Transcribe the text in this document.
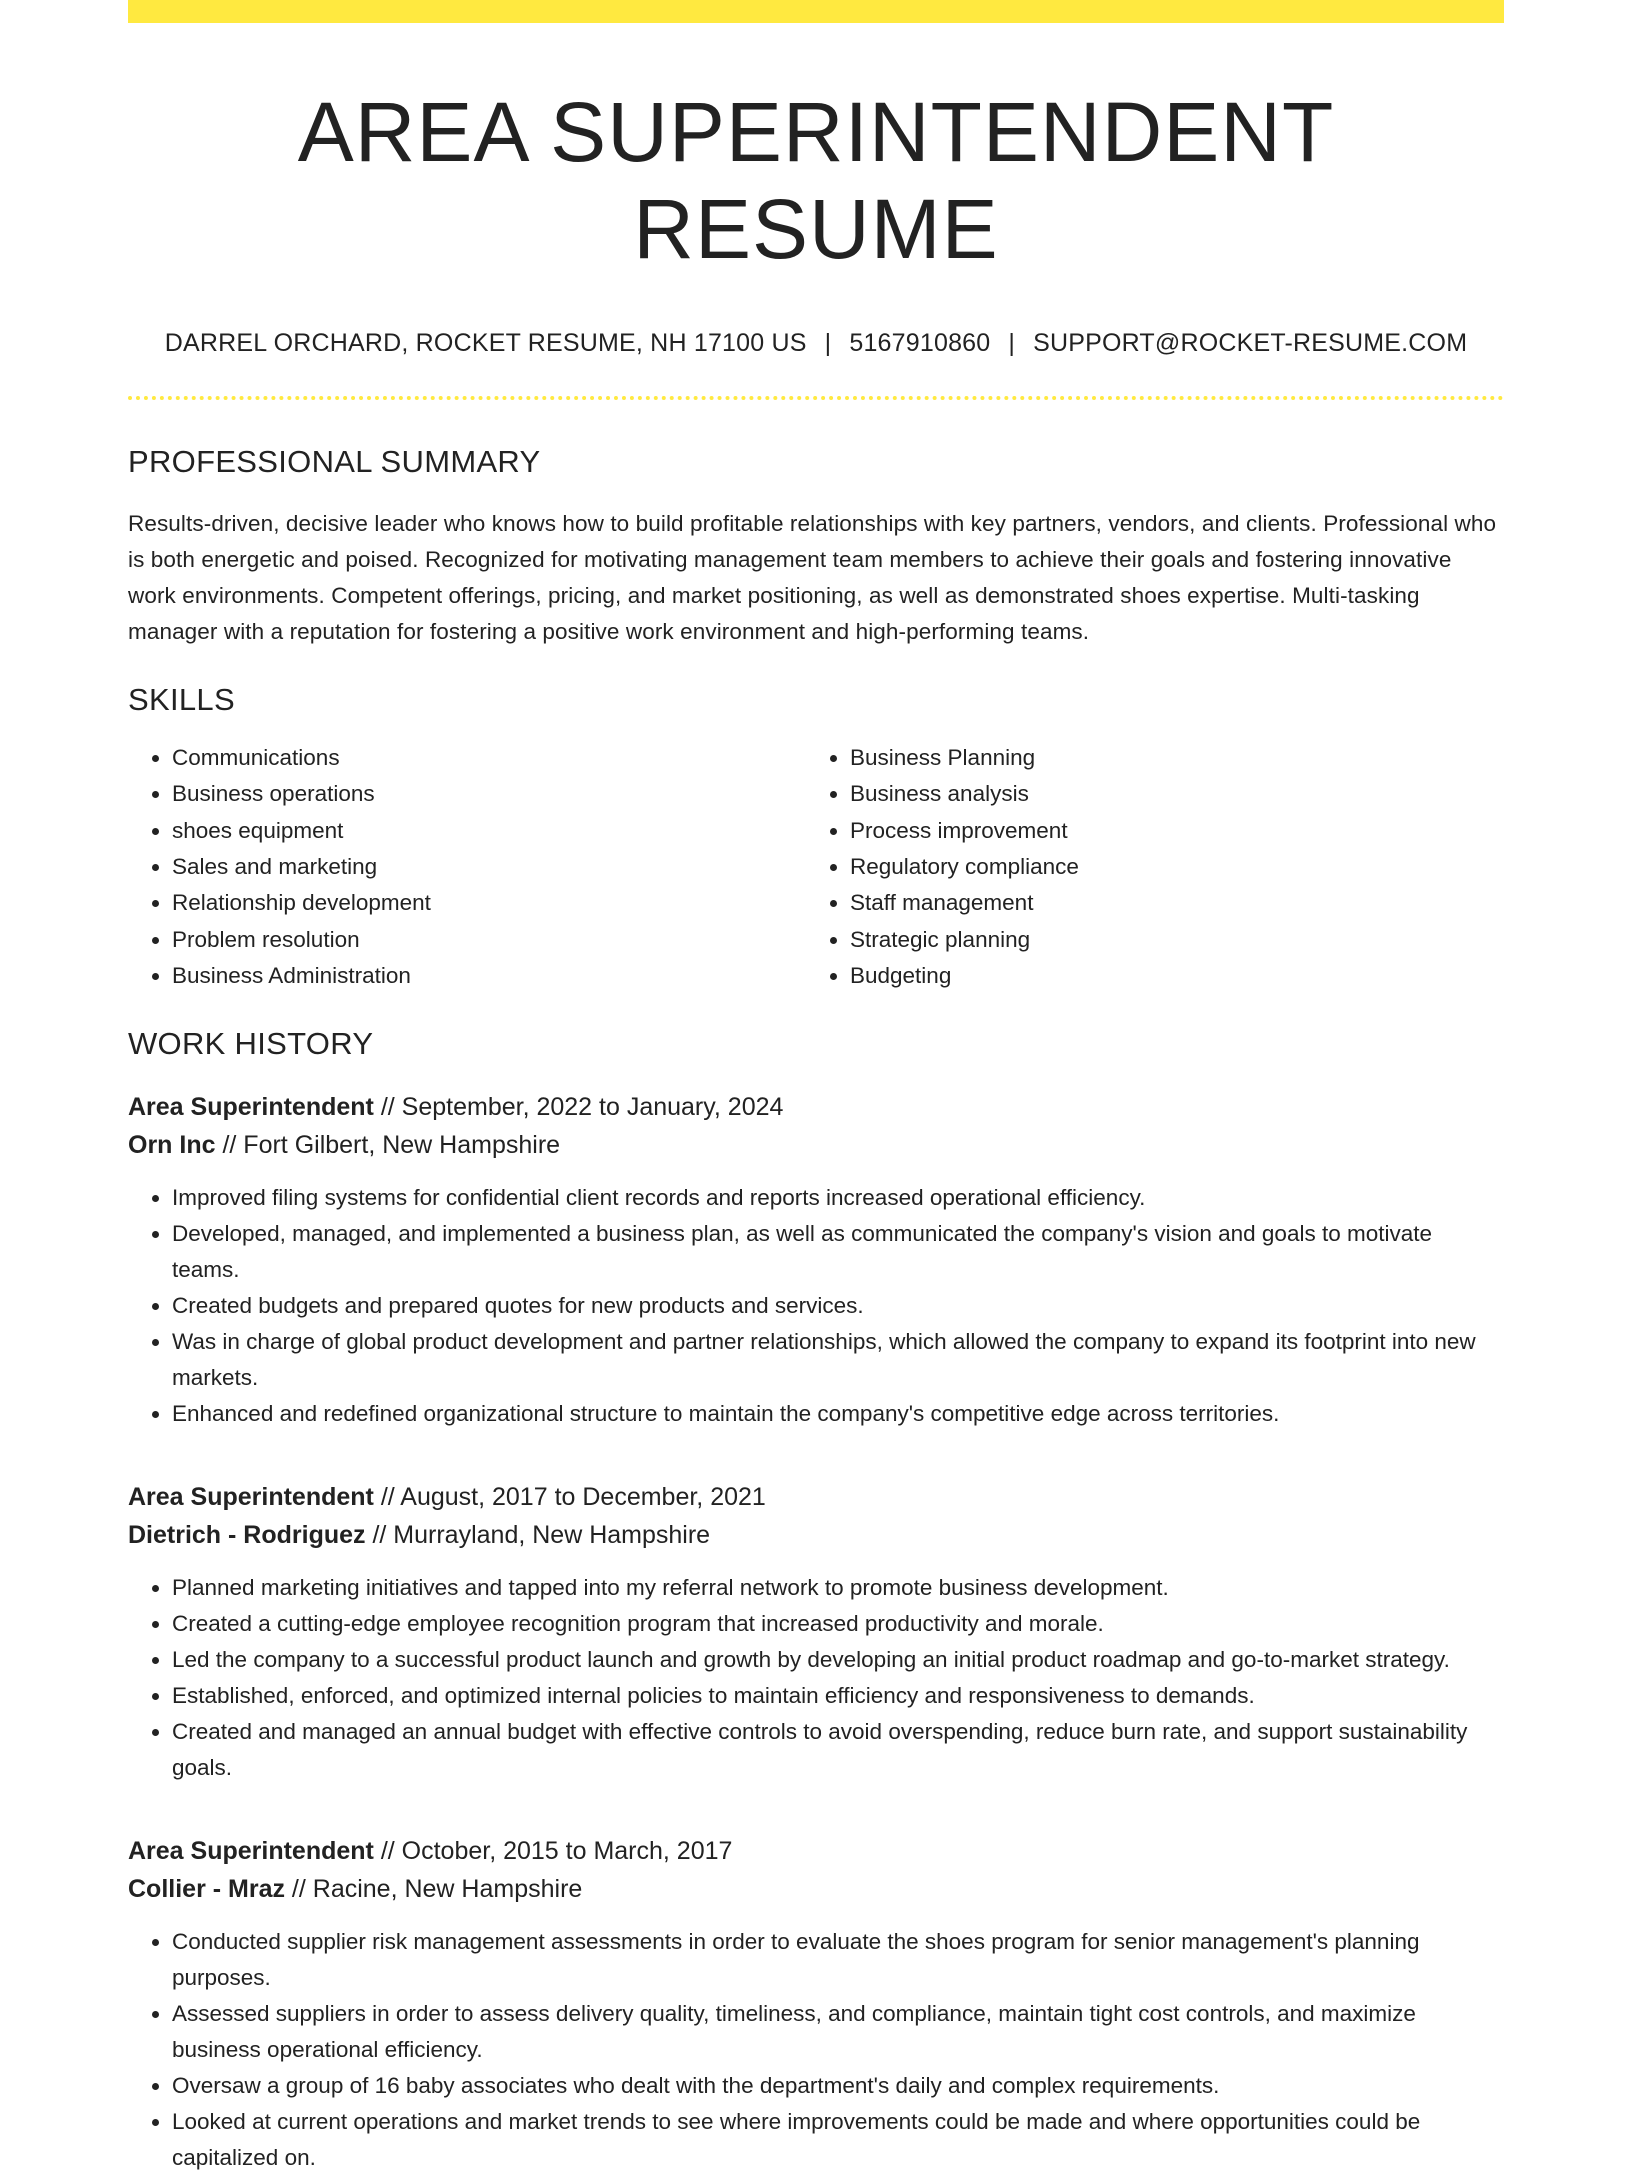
AREA SUPERINTENDENT RESUME
DARREL ORCHARD, ROCKET RESUME, NH 17100 US | 5167910860 | SUPPORT@ROCKET-RESUME.COM
PROFESSIONAL SUMMARY

Results-driven, decisive leader who knows how to build profitable relationships with key partners, vendors, and clients. Professional who is both energetic and poised. Recognized for motivating management team members to achieve their goals and fostering innovative work environments. Competent offerings, pricing, and market positioning, as well as demonstrated shoes expertise. Multi-tasking manager with a reputation for fostering a positive work environment and high-performing teams.

SKILLS
• Communications
• Business operations
• shoes equipment
• Sales and marketing
• Relationship development
• Problem resolution
• Business Administration
• Business Planning
• Business analysis
• Process improvement
• Regulatory compliance
• Staff management
• Strategic planning
• Budgeting
WORK HISTORY
Area Superintendent // September, 2022 to January, 2024
Orn Inc // Fort Gilbert, New Hampshire
• Improved filing systems for confidential client records and reports increased operational efficiency.
• Developed, managed, and implemented a business plan, as well as communicated the company's vision and goals to motivate teams.
• Created budgets and prepared quotes for new products and services.
• Was in charge of global product development and partner relationships, which allowed the company to expand its footprint into new markets.
• Enhanced and redefined organizational structure to maintain the company's competitive edge across territories.
Area Superintendent // August, 2017 to December, 2021
Dietrich - Rodriguez // Murrayland, New Hampshire
• Planned marketing initiatives and tapped into my referral network to promote business development.
• Created a cutting-edge employee recognition program that increased productivity and morale.
• Led the company to a successful product launch and growth by developing an initial product roadmap and go-to-market strategy.
• Established, enforced, and optimized internal policies to maintain efficiency and responsiveness to demands.
• Created and managed an annual budget with effective controls to avoid overspending, reduce burn rate, and support sustainability goals.
Area Superintendent // October, 2015 to March, 2017
Collier - Mraz // Racine, New Hampshire
• Conducted supplier risk management assessments in order to evaluate the shoes program for senior management's planning purposes.
• Assessed suppliers in order to assess delivery quality, timeliness, and compliance, maintain tight cost controls, and maximize business operational efficiency.
• Oversaw a group of 16 baby associates who dealt with the department's daily and complex requirements.
• Looked at current operations and market trends to see where improvements could be made and where opportunities could be capitalized on.
